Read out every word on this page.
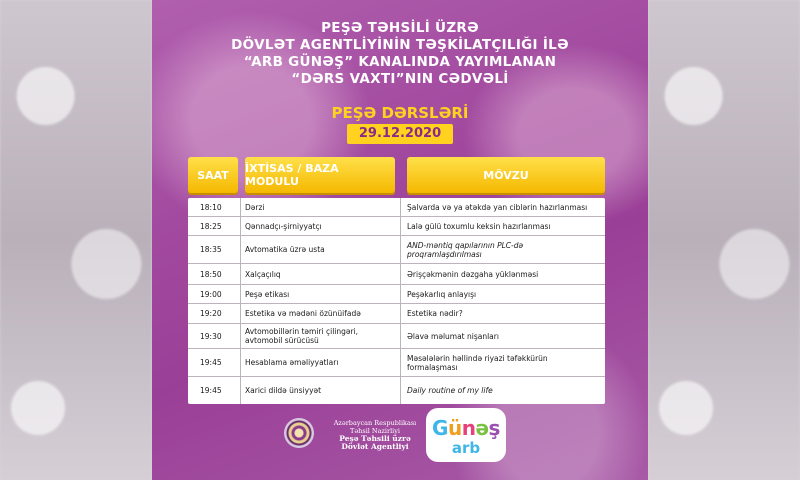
PEŞƏ TƏHSİLİ ÜZRƏ
DÖVLƏT AGENTLİYİNİN TƏŞKİLATÇILIĞI İLƏ
“ARB GÜNƏŞ” KANALINDA YAYIMLANAN
“DƏRS VAXTI”NIN CƏDVƏLİ
PEŞƏ DƏRSLƏRİ
29.12.2020
SAAT	İXTİSAS / BAZA MODULU	MÖVZU
18:10	Dərzi	Şalvarda və ya ətəkdə yan ciblərin hazırlanması
18:25	Qənnadçı-şirniyyatçı	Lalə gülü toxumlu keksin hazırlanması
18:35	Avtomatika üzrə usta	AND-məntiq qapılarının PLC-də proqramlaşdırılması
18:50	Xalçaçılıq	Ərişçəkmənin dəzgaha yüklənməsi
19:00	Peşə etikası	Peşəkarlıq anlayışı
19:20	Estetika və mədəni özünüifadə	Estetika nədir?
19:30	Avtomobillərin təmiri çilingəri, avtomobil sürücüsü	Əlavə məlumat nişanları
19:45	Hesablama əməliyyatları	Məsələlərin həllində riyazi təfəkkürün formalaşması
19:45	Xarici dildə ünsiyyət	Daily routine of my life
Azərbaycan Respublikası
Təhsil Nazirliyi
Peşə Təhsili üzrə
Dövlət Agentliyi
Günəş
arb
